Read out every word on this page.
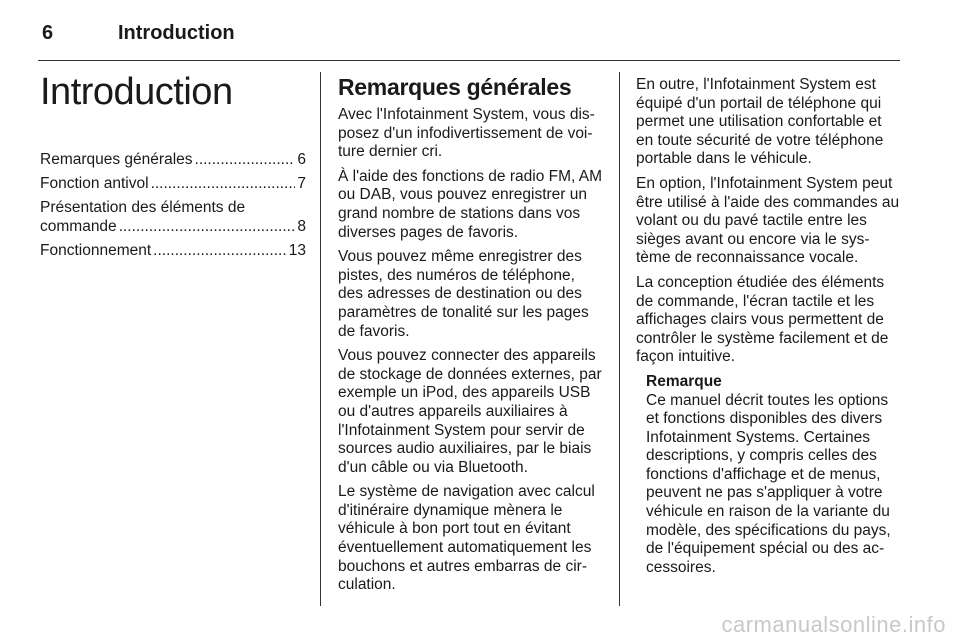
6	Introduction
Introduction
Remarques générales .....	6
Fonction antivol .....	7
Présentation des éléments de
commande .....	8
Fonctionnement .....	13
Remarques générales

Avec l'Infotainment System, vous dis-posez d'un infodivertissement de voi-ture dernier cri.

À l'aide des fonctions de radio FM, AM ou DAB, vous pouvez enregistrer un grand nombre de stations dans vos diverses pages de favoris.

Vous pouvez même enregistrer des pistes, des numéros de téléphone, des adresses de destination ou des paramètres de tonalité sur les pages de favoris.

Vous pouvez connecter des appareils de stockage de données externes, par exemple un iPod, des appareils USB ou d'autres appareils auxiliaires à l'Infotainment System pour servir de sources audio auxiliaires, par le biais d'un câble ou via Bluetooth.

Le système de navigation avec calcul d'itinéraire dynamique mènera le véhicule à bon port tout en évitant éventuellement automatiquement les bouchons et autres embarras de cir-culation.

En outre, l'Infotainment System est équipé d'un portail de téléphone qui permet une utilisation confortable et en toute sécurité de votre téléphone portable dans le véhicule.

En option, l'Infotainment System peut être utilisé à l'aide des commandes au volant ou du pavé tactile entre les sièges avant ou encore via le sys-tème de reconnaissance vocale.

La conception étudiée des éléments de commande, l'écran tactile et les affichages clairs vous permettent de contrôler le système facilement et de façon intuitive.

Remarque

Ce manuel décrit toutes les options et fonctions disponibles des divers Infotainment Systems. Certaines descriptions, y compris celles des fonctions d'affichage et de menus, peuvent ne pas s'appliquer à votre véhicule en raison de la variante du modèle, des spécifications du pays, de l'équipement spécial ou des ac-cessoires.

carmanualsonline.info
